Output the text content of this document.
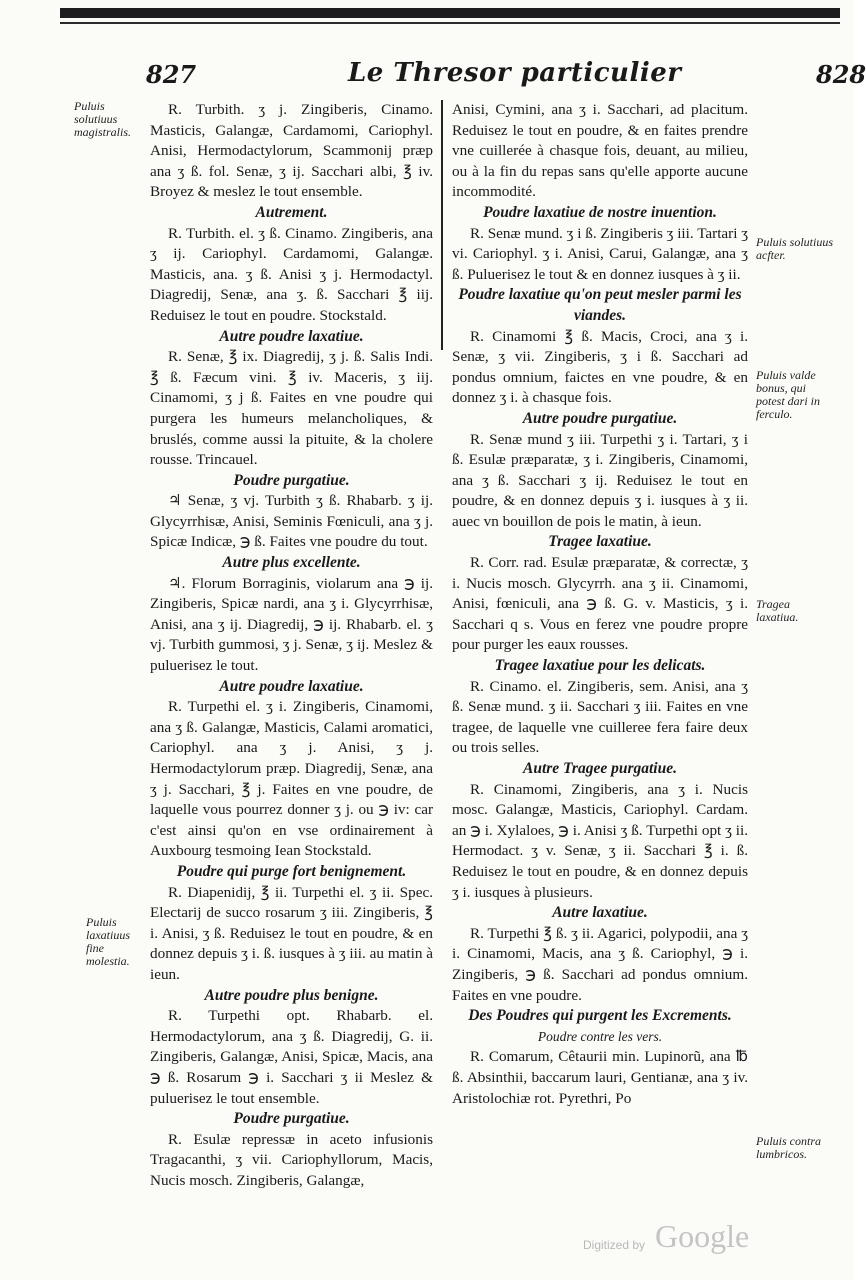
827	Le Thresor particulier	828

R. Turbith. ʒ j. Zingiberis, Cinamo. Masticis, Galangæ, Cardamomi, Cariophyl. Anisi, Hermodactylorum, Scammonij præp ana ʒ ß. fol. Senæ, ʒ ij. Sacchari albi, ℥ iv. Broyez & meslez le tout ensemble.

Autrement.

R. Turbith. el. ʒ ß. Cinamo. Zingiberis, ana ʒ ij. Cariophyl. Cardamomi, Galangæ. Masticis, ana. ʒ ß. Anisi ʒ j. Hermodactyl. Diagredij, Senæ, ana ʒ. ß. Sacchari ℥ iij. Reduisez le tout en poudre. Stockstald.

Autre poudre laxatiue.

R. Senæ, ℥ ix. Diagredij, ʒ j. ß. Salis Indi. ℥ ß. Fæcum vini. ℥ iv. Maceris, ʒ iij. Cinamomi, ʒ j ß. Faites en vne poudre qui purgera les humeurs melancholiques, & bruslés, comme aussi la pituite, & la cholere rousse. Trincauel.

Poudre purgatiue.

♃ Senæ, ʒ vj. Turbith ʒ ß. Rhabarb. ʒ ij. Glycyrrhisæ, Anisi, Seminis Fœniculi, ana ʒ j. Spicæ Indicæ, ℈ ß. Faites vne poudre du tout.

Autre plus excellente.

♃. Florum Borraginis, violarum ana ℈ ij. Zingiberis, Spicæ nardi, ana ʒ i. Glycyrrhisæ, Anisi, ana ʒ ij. Diagredij, ℈ ij. Rhabarb. el. ʒ vj. Turbith gummosi, ʒ j. Senæ, ʒ ij. Meslez & puluerisez le tout.

Autre poudre laxatiue.

R. Turpethi el. ʒ i. Zingiberis, Cinamomi, ana ʒ ß. Galangæ, Masticis, Calami aromatici, Cariophyl. ana ʒ j. Anisi, ʒ j. Hermodactylorum præp. Diagredij, Senæ, ana ʒ j. Sacchari, ℥ j. Faites en vne poudre, de laquelle vous pourrez donner ʒ j. ou ℈ iv: car c'est ainsi qu'on en vse ordinairement à Auxbourg tesmoing Iean Stockstald.

Poudre qui purge fort benignement.

R. Diapenidij, ℥ ii. Turpethi el. ʒ ii. Spec. Electarij de succo rosarum ʒ iii. Zingiberis, ℥ i. Anisi, ʒ ß. Reduisez le tout en poudre, & en donnez depuis ʒ i. ß. iusques à ʒ iii. au matin à ieun.

Autre poudre plus benigne.

R. Turpethi opt. Rhabarb. el. Hermodactylorum, ana ʒ ß. Diagredij, G. ii. Zingiberis, Galangæ, Anisi, Spicæ, Macis, ana ℈ ß. Rosarum ℈ i. Sacchari ʒ ii Meslez & puluerisez le tout ensemble.

Poudre purgatiue.

R. Esulæ repressæ in aceto infusionis Tragacanthi, ʒ vii. Cariophyllorum, Macis, Nucis mosch. Zingiberis, Galangæ,

Anisi, Cymini, ana ʒ i. Sacchari, ad placitum. Reduisez le tout en poudre, & en faites prendre vne cuillerée à chasque fois, deuant, au milieu, ou à la fin du repas sans qu'elle apporte aucune incommodité.

Poudre laxatiue de nostre inuention.

R. Senæ mund. ʒ i ß. Zingiberis ʒ iii. Tartari ʒ vi. Cariophyl. ʒ i. Anisi, Carui, Galangæ, ana ʒ ß. Puluerisez le tout & en donnez iusques à ʒ ii.

Poudre laxatiue qu'on peut mesler parmi les viandes.

R. Cinamomi ℥ ß. Macis, Croci, ana ʒ i. Senæ, ʒ vii. Zingiberis, ʒ i ß. Sacchari ad pondus omnium, faictes en vne poudre, & en donnez ʒ i. à chasque fois.

Autre poudre purgatiue.

R. Senæ mund ʒ iii. Turpethi ʒ i. Tartari, ʒ i ß. Esulæ præparatæ, ʒ i. Zingiberis, Cinamomi, ana ʒ ß. Sacchari ʒ ij. Reduisez le tout en poudre, & en donnez depuis ʒ i. iusques à ʒ ii. auec vn bouillon de pois le matin, à ieun.

Tragee laxatiue.

R. Corr. rad. Esulæ præparatæ, & correctæ, ʒ i. Nucis mosch. Glycyrrh. ana ʒ ii. Cinamomi, Anisi, fœniculi, ana ℈ ß. G. v. Masticis, ʒ i. Sacchari q s. Vous en ferez vne poudre propre pour purger les eaux rousses.

Tragee laxatiue pour les delicats.

R. Cinamo. el. Zingiberis, sem. Anisi, ana ʒ ß. Senæ mund. ʒ ii. Sacchari ʒ iii. Faites en vne tragee, de laquelle vne cuilleree fera faire deux ou trois selles.

Autre Tragee purgatiue.

R. Cinamomi, Zingiberis, ana ʒ i. Nucis mosc. Galangæ, Masticis, Cariophyl. Cardam. an ℈ i. Xylaloes, ℈ i. Anisi ʒ ß. Turpethi opt ʒ ii. Hermodact. ʒ v. Senæ, ʒ ii. Sacchari ℥ i. ß. Reduisez le tout en poudre, & en donnez depuis ʒ i. iusques à plusieurs.

Autre laxatiue.

R. Turpethi ℥ ß. ʒ ii. Agarici, polypodii, ana ʒ i. Cinamomi, Macis, ana ʒ ß. Cariophyl, ℈ i. Zingiberis, ℈ ß. Sacchari ad pondus omnium. Faites en vne poudre.

Des Poudres qui purgent les Excrements.

Poudre contre les vers.

R. Comarum, Cêtaurii min. Lupinorũ, ana ℔ ß. Absinthii, baccarum lauri, Gentianæ, ana ʒ iv. Aristolochiæ rot. Pyrethri, Po

Puluis solutiuus magistralis.
Puluis laxatiuus fine molestia.
Puluis solutiuus acfter.
Puluis valde bonus, qui potest dari in ferculo.
Tragea laxatiua.
Puluis contra lumbricos.
Digitized by Google
